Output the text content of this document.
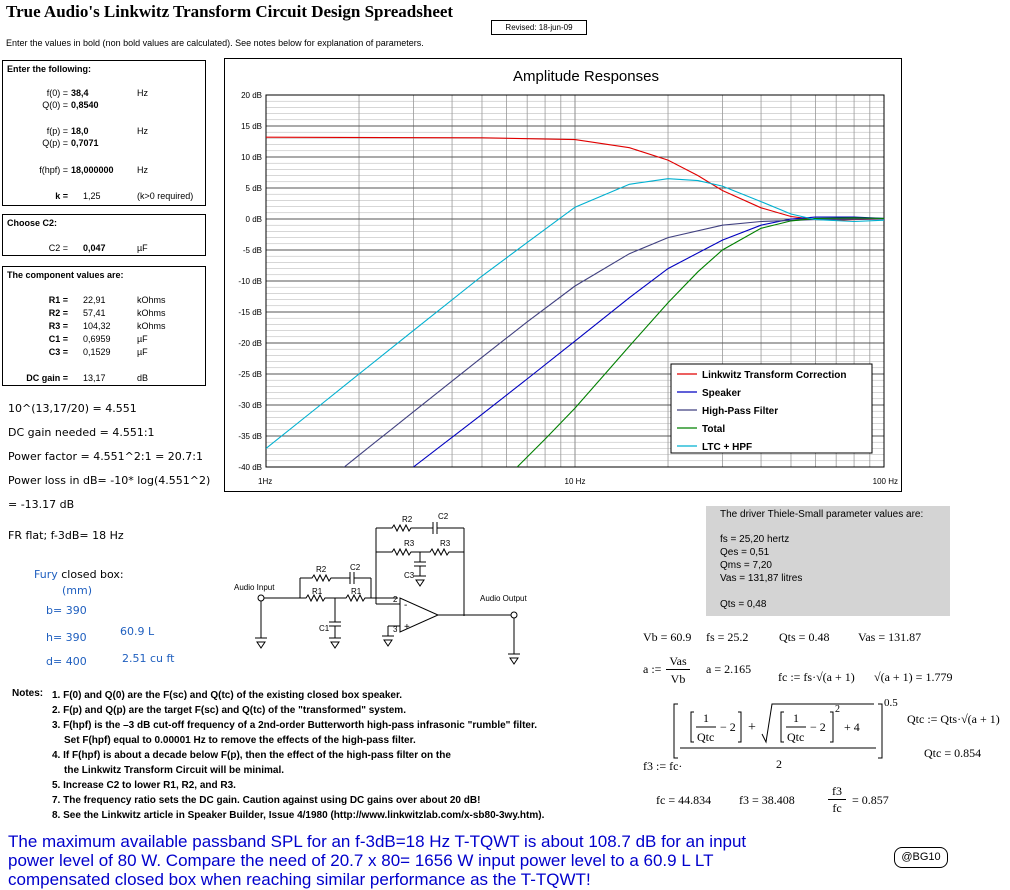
True Audio's Linkwitz Transform Circuit Design Spreadsheet
Revised: 18-jun-09
Enter the values in bold (non bold values are calculated). See notes below for explanation of parameters.
Enter the following:
f(0) = 38,4	Hz
Q(0) = 0,8540
f(p) = 18,0	Hz
Q(p) = 0,7071
f(hpf) = 18,000000	Hz
k = 1,25	(k>0 required)
Choose C2:
C2 = 0,047	µF
The component values are:
R1 = 22,91	kOhms
R2 = 57,41	kOhms
R3 = 104,32	kOhms
C1 = 0,6959	µF
C3 = 0,1529	µF
DC gain = 13,17	dB
10^(13,17/20) = 4.551
DC gain needed = 4.551:1
Power factor = 4.551^2:1 = 20.7:1
Power loss in dB= -10* log(4.551^2)
= -13.17 dB
FR flat; f-3dB= 18 Hz
Fury closed box:
(mm)
b= 390
h= 390
d= 400
60.9 L
2.51 cu ft
Amplitude Responses
20 dB
15 dB
10 dB
5 dB
0 dB
-5 dB
-10 dB
-15 dB
-20 dB
-25 dB
-30 dB
-35 dB
-40 dB
1Hz	10 Hz	100 Hz
Linkwitz Transform Correction
Speaker
High-Pass Filter
Total
LTC + HPF
Audio Input
Audio Output
R1	R1
R2	C2
C1
R2	C2
R3	R3
C3
2
3
-
+
The driver Thiele-Small parameter values are:
fs = 25,20 hertz
Qes = 0,51
Qms = 7,20
Vas = 131,87 litres
Qts = 0,48
Vb = 60.9 fs = 25.2	Qts = 0.48 Vas = 131.87
a :=
Vas
Vb
a = 2.165
fc := fs·√(a + 1) √(a + 1) = 1.779
f3 := fc·
0.5
1
Qtc
− 2 +
1
Qtc
− 2
2
+ 4
2
Qtc := Qts·√(a + 1)
Qtc = 0.854
fc = 44.834 f3 = 38.408
f3
fc
= 0.857
Notes: 1. F(0) and Q(0) are the F(sc) and Q(tc) of the existing closed box speaker.
2. F(p) and Q(p) are the target F(sc) and Q(tc) of the "transformed" system.
3. F(hpf) is the –3 dB cut-off frequency of a 2nd-order Butterworth high-pass infrasonic "rumble" filter.
Set F(hpf) equal to 0.00001 Hz to remove the effects of the high-pass filter.
4. If F(hpf) is about a decade below F(p), then the effect of the high-pass filter on the
the Linkwitz Transform Circuit will be minimal.
5. Increase C2 to lower R1, R2, and R3.
7. The frequency ratio sets the DC gain. Caution against using DC gains over about 20 dB!
8. See the Linkwitz article in Speaker Builder, Issue 4/1980 (http://www.linkwitzlab.com/x-sb80-3wy.htm).
The maximum available passband SPL for an f-3dB=18 Hz T-TQWT is about 108.7 dB for an input
power level of 80 W. Compare the need of 20.7 x 80= 1656 W input power level to a 60.9 L LT
compensated closed box when reaching similar performance as the T-TQWT!
@BG10
